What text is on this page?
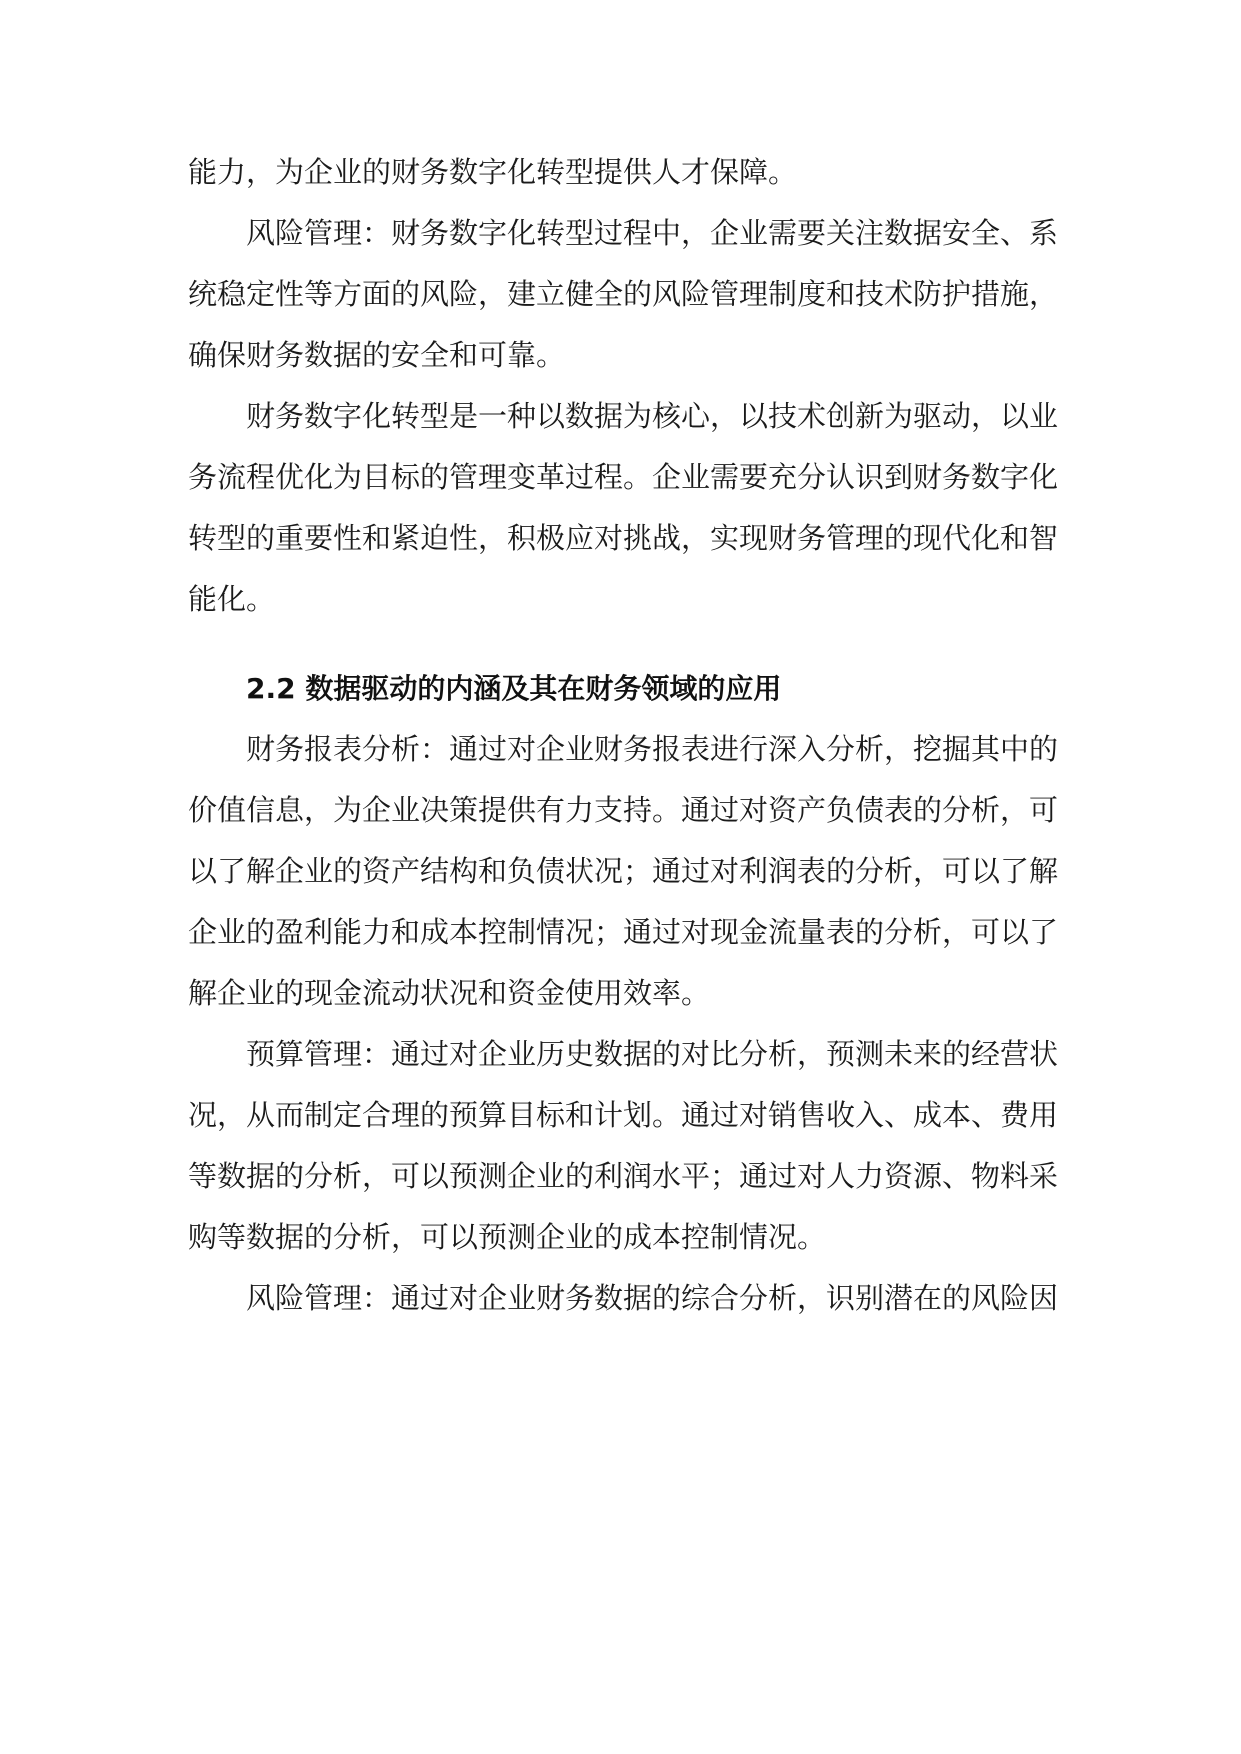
能力，为企业的财务数字化转型提供人才保障。

风险管理：财务数字化转型过程中，企业需要关注数据安全、系统稳定性等方面的风险，建立健全的风险管理制度和技术防护措施，确保财务数据的安全和可靠。

财务数字化转型是一种以数据为核心，以技术创新为驱动，以业务流程优化为目标的管理变革过程。企业需要充分认识到财务数字化转型的重要性和紧迫性，积极应对挑战，实现财务管理的现代化和智能化。

2.2 数据驱动的内涵及其在财务领域的应用

财务报表分析：通过对企业财务报表进行深入分析，挖掘其中的价值信息，为企业决策提供有力支持。通过对资产负债表的分析，可以了解企业的资产结构和负债状况；通过对利润表的分析，可以了解企业的盈利能力和成本控制情况；通过对现金流量表的分析，可以了解企业的现金流动状况和资金使用效率。

预算管理：通过对企业历史数据的对比分析，预测未来的经营状况，从而制定合理的预算目标和计划。通过对销售收入、成本、费用等数据的分析，可以预测企业的利润水平；通过对人力资源、物料采购等数据的分析，可以预测企业的成本控制情况。

风险管理：通过对企业财务数据的综合分析，识别潜在的风险因
